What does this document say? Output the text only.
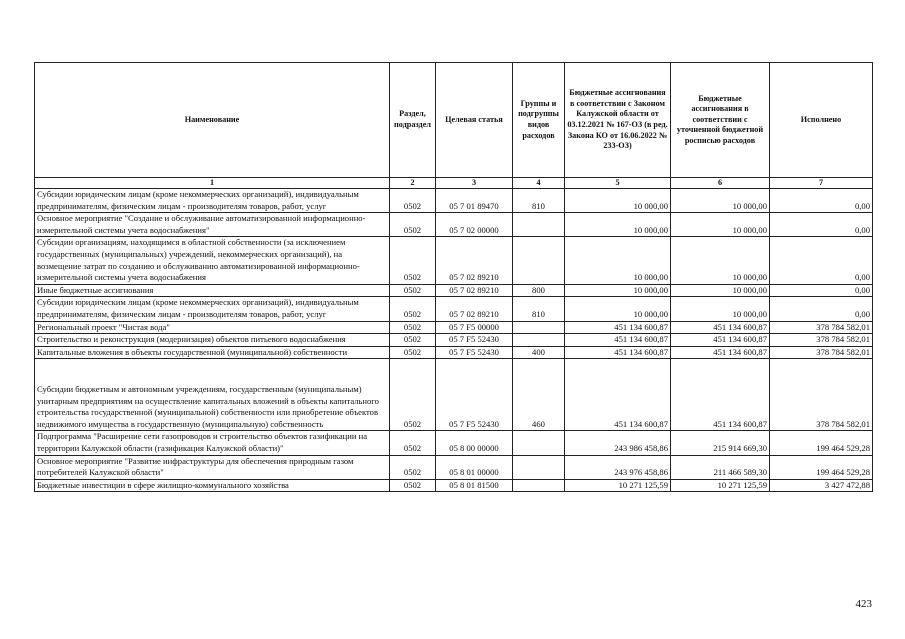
Наименование	Раздел, подраздел	Целевая статья	Группы и подгруппы видов расходов	Бюджетные ассигнования в соответствии с Законом Калужской области от 03.12.2021 № 167-ОЗ (в ред. Закона КО от 16.06.2022 № 233-ОЗ)	Бюджетные ассигнования в соответствии с уточненной бюджетной росписью расходов	Исполнено
1	2	3	4	5	6	7
Субсидии юридическим лицам (кроме некоммерческих организаций), индивидуальным предпринимателям, физическим лицам - производителям товаров, работ, услуг	0502	05 7 01 89470	810	10 000,00	10 000,00	0,00
Основное мероприятие "Создание и обслуживание автоматизированной информационно-измерительной системы учета водоснабжения"	0502	05 7 02 00000		10 000,00	10 000,00	0,00
Субсидии организациям, находящимся в областной собственности (за исключением государственных (муниципальных) учреждений, некоммерческих организаций), на возмещение затрат по созданию и обслуживанию автоматизированной информационно-измерительной системы учета водоснабжения	0502	05 7 02 89210		10 000,00	10 000,00	0,00
Иные бюджетные ассигнования	0502	05 7 02 89210	800	10 000,00	10 000,00	0,00
Субсидии юридическим лицам (кроме некоммерческих организаций), индивидуальным предпринимателям, физическим лицам - производителям товаров, работ, услуг	0502	05 7 02 89210	810	10 000,00	10 000,00	0,00
Региональный проект "Чистая вода"	0502	05 7 F5 00000		451 134 600,87	451 134 600,87	378 784 582,01
Строительство и реконструкция (модернизация) объектов питьевого водоснабжения	0502	05 7 F5 52430		451 134 600,87	451 134 600,87	378 784 582,01
Капитальные вложения в объекты государственной (муниципальной) собственности	0502	05 7 F5 52430	400	451 134 600,87	451 134 600,87	378 784 582,01
Субсидии бюджетным и автономным учреждениям, государственным (муниципальным) унитарным предприятиям на осуществление капитальных вложений в объекты капитального строительства государственной (муниципальной) собственности или приобретение объектов недвижимого имущества в государственную (муниципальную) собственность	0502	05 7 F5 52430	460	451 134 600,87	451 134 600,87	378 784 582,01
Подпрограмма "Расширение сети газопроводов и строительство объектов газификации на территории Калужской области (газификация Калужской области)"	0502	05 8 00 00000		243 986 458,86	215 914 669,30	199 464 529,28
Основное мероприятие "Развитие инфраструктуры для обеспечения природным газом потребителей Калужской области"	0502	05 8 01 00000		243 976 458,86	211 466 589,30	199 464 529,28
Бюджетные инвестиции в сфере жилищно-коммунального хозяйства	0502	05 8 01 81500		10 271 125,59	10 271 125,59	3 427 472,88
423
